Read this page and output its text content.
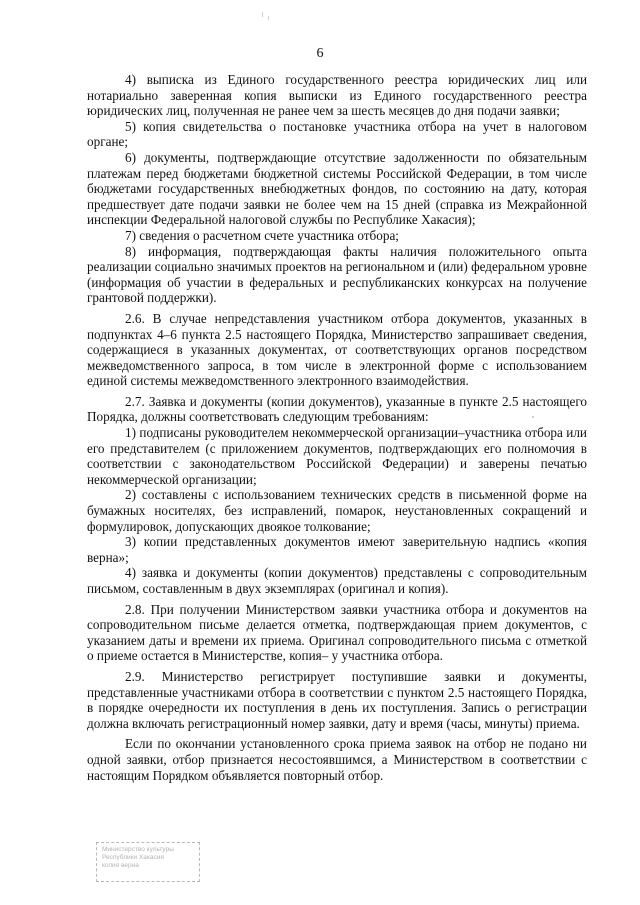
6

4) выписка из Единого государственного реестра юридических лиц или нотариально заверенная копия выписки из Единого государственного реестра юридических лиц, полученная не ранее чем за шесть месяцев до дня подачи заявки;

5) копия свидетельства о постановке участника отбора на учет в налоговом органе;

6) документы, подтверждающие отсутствие задолженности по обязательным платежам перед бюджетами бюджетной системы Российской Федерации, в том числе бюджетами государственных внебюджетных фондов, по состоянию на дату, которая предшествует дате подачи заявки не более чем на 15 дней (справка из Межрайонной инспекции Федеральной налоговой службы по Республике Хакасия);

7) сведения о расчетном счете участника отбора;

8) информация, подтверждающая факты наличия положительного опыта реализации социально значимых проектов на региональном и (или) федеральном уровне (информация об участии в федеральных и республиканских конкурсах на получение грантовой поддержки).

2.6. В случае непредставления участником отбора документов, указанных в подпунктах 4–6 пункта 2.5 настоящего Порядка, Министерство запрашивает сведения, содержащиеся в указанных документах, от соответствующих органов посредством межведомственного запроса, в том числе в электронной форме с использованием единой системы межведомственного электронного взаимодействия.

2.7. Заявка и документы (копии документов), указанные в пункте 2.5 настоящего Порядка, должны соответствовать следующим требованиям:

1) подписаны руководителем некоммерческой организации–участника отбора или его представителем (с приложением документов, подтверждающих его полномочия в соответствии с законодательством Российской Федерации) и заверены печатью некоммерческой организации;

2) составлены с использованием технических средств в письменной форме на бумажных носителях, без исправлений, помарок, неустановленных сокращений и формулировок, допускающих двоякое толкование;

3) копии представленных документов имеют заверительную надпись «копия верна»;

4) заявка и документы (копии документов) представлены с сопроводительным письмом, составленным в двух экземплярах (оригинал и копия).

2.8. При получении Министерством заявки участника отбора и документов на сопроводительном письме делается отметка, подтверждающая прием документов, с указанием даты и времени их приема. Оригинал сопроводительного письма с отметкой о приеме остается в Министерстве, копия– у участника отбора.

2.9. Министерство регистрирует поступившие заявки и документы, представленные участниками отбора в соответствии с пунктом 2.5 настоящего Порядка, в порядке очередности их поступления в день их поступления. Запись о регистрации должна включать регистрационный номер заявки, дату и время (часы, минуты) приема.

Если по окончании установленного срока приема заявок на отбор не подано ни одной заявки, отбор признается несостоявшимся, а Министерством в соответствии с настоящим Порядком объявляется повторный отбор.

Министерство культуры
Республики Хакасия
копия верна
